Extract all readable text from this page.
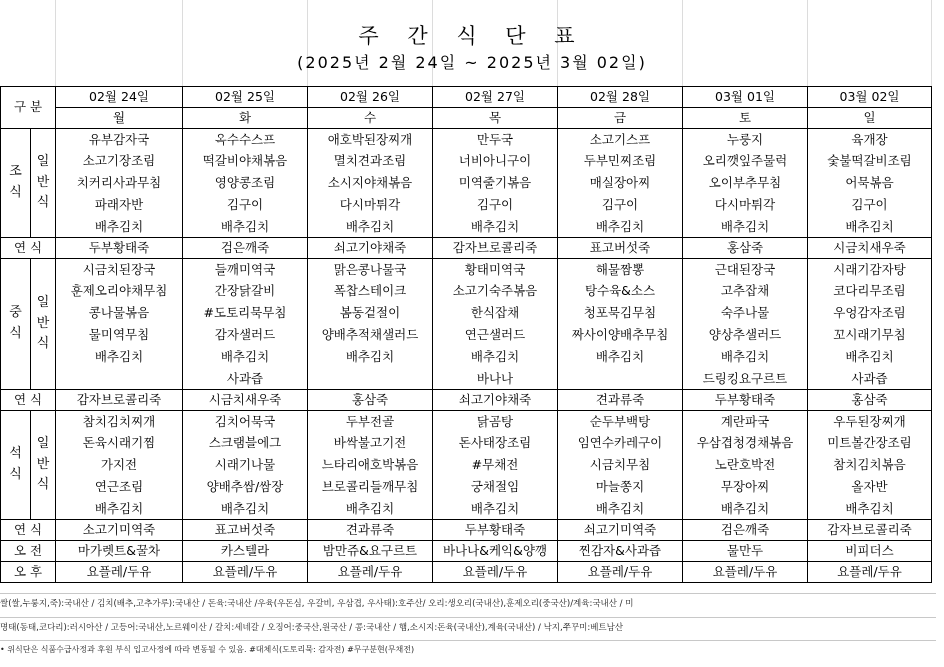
주 간 식 단 표
(2025년 2월 24일 ~ 2025년 3월 02일)
구 분		02월 24일	02월 25일	02월 26일	02월 27일	02월 28일	03월 01일	03월 02일
		월	화	수	목	금	토	일
조
식	일
반
식	유부감자국	옥수수스프	애호박된장찌개	만두국	소고기스프	누룽지	육개장
		소고기장조림	떡갈비야채볶음	멸치견과조림	너비아니구이	두부민찌조림	오리깻잎주물럭	숯불떡갈비조림
		치커리사과무침	영양콩조림	소시지야채볶음	미역줄기볶음	매실장아찌	오이부추무침	어묵볶음
		파래자반	김구이	다시마튀각	김구이	김구이	다시마튀각	김구이
		배추김치	배추김치	배추김치	배추김치	배추김치	배추김치	배추김치
연 식		두부황태죽	검은깨죽	쇠고기야채죽	감자브로콜리죽	표고버섯죽	홍삼죽	시금치새우죽
중
식	일
반
식	시금치된장국	들깨미역국	맑은콩나물국	황태미역국	해물짬뽕	근대된장국	시래기감자탕
		훈제오리야채무침	간장닭갈비	폭찹스테이크	소고기숙주볶음	탕수육&소스	고추잡채	코다리무조림
		콩나물볶음	#도토리묵무침	봄동겉절이	한식잡채	청포묵김무침	숙주나물	우엉감자조림
		물미역무침	감자샐러드	양배추적채샐러드	연근샐러드	짜사이양배추무침	양상추샐러드	꼬시래기무침
		배추김치	배추김치	배추김치	배추김치	배추김치	배추김치	배추김치
			사과즙		바나나		드링킹요구르트	사과즙
연 식		감자브로콜리죽	시금치새우죽	홍삼죽	쇠고기야채죽	견과류죽	두부황태죽	홍삼죽
석
식	일
반
식	참치김치찌개	김치어묵국	두부전골	닭곰탕	순두부백탕	계란파국	우두된장찌개
		돈육시래기찜	스크램블에그	바싹불고기전	돈사태장조림	임연수카레구이	우삼겹청경채볶음	미트볼간장조림
		가지전	시래기나물	느타리애호박볶음	#무채전	시금치무침	노란호박전	참치김치볶음
		연근조림	양배추쌈/쌈장	브로콜리들깨무침	궁채절임	마늘쫑지	무장아찌	올자반
		배추김치	배추김치	배추김치	배추김치	배추김치	배추김치	배추김치
연 식		소고기미역죽	표고버섯죽	견과류죽	두부황태죽	쇠고기미역죽	검은깨죽	감자브로콜리죽
오 전		마가렛트&꿀차	카스텔라	밤만쥬&요구르트	바나나&케익&양깽	찐감자&사과즙	물만두	비피더스
오 후		요플레/두유	요플레/두유	요플레/두유	요플레/두유	요플레/두유	요플레/두유	요플레/두유
쌀(쌀,누룽지,죽):국내산 / 김치(배추,고추가루):국내산 / 돈육:국내산 /우육(우돈심, 우갈비, 우삼겹, 우사태):호주산/ 오리:생오리(국내산),훈제오리(중국산)/계육:국내산 / 미
명태(동태,코다리):러시아산 / 고등어:국내산,노르웨이산 / 갈치:세네갈 / 오징어:중국산,원국산 / 콩:국내산 / 햄,소시지:돈육(국내산),계육(국내산) / 낙지,쭈꾸미:베트남산
• 위식단은 식품수급사정과 후원 부식 입고사정에 따라 변동될 수 있음. #대체식(도토리묵: 감자전) #무구분현(무채전)
